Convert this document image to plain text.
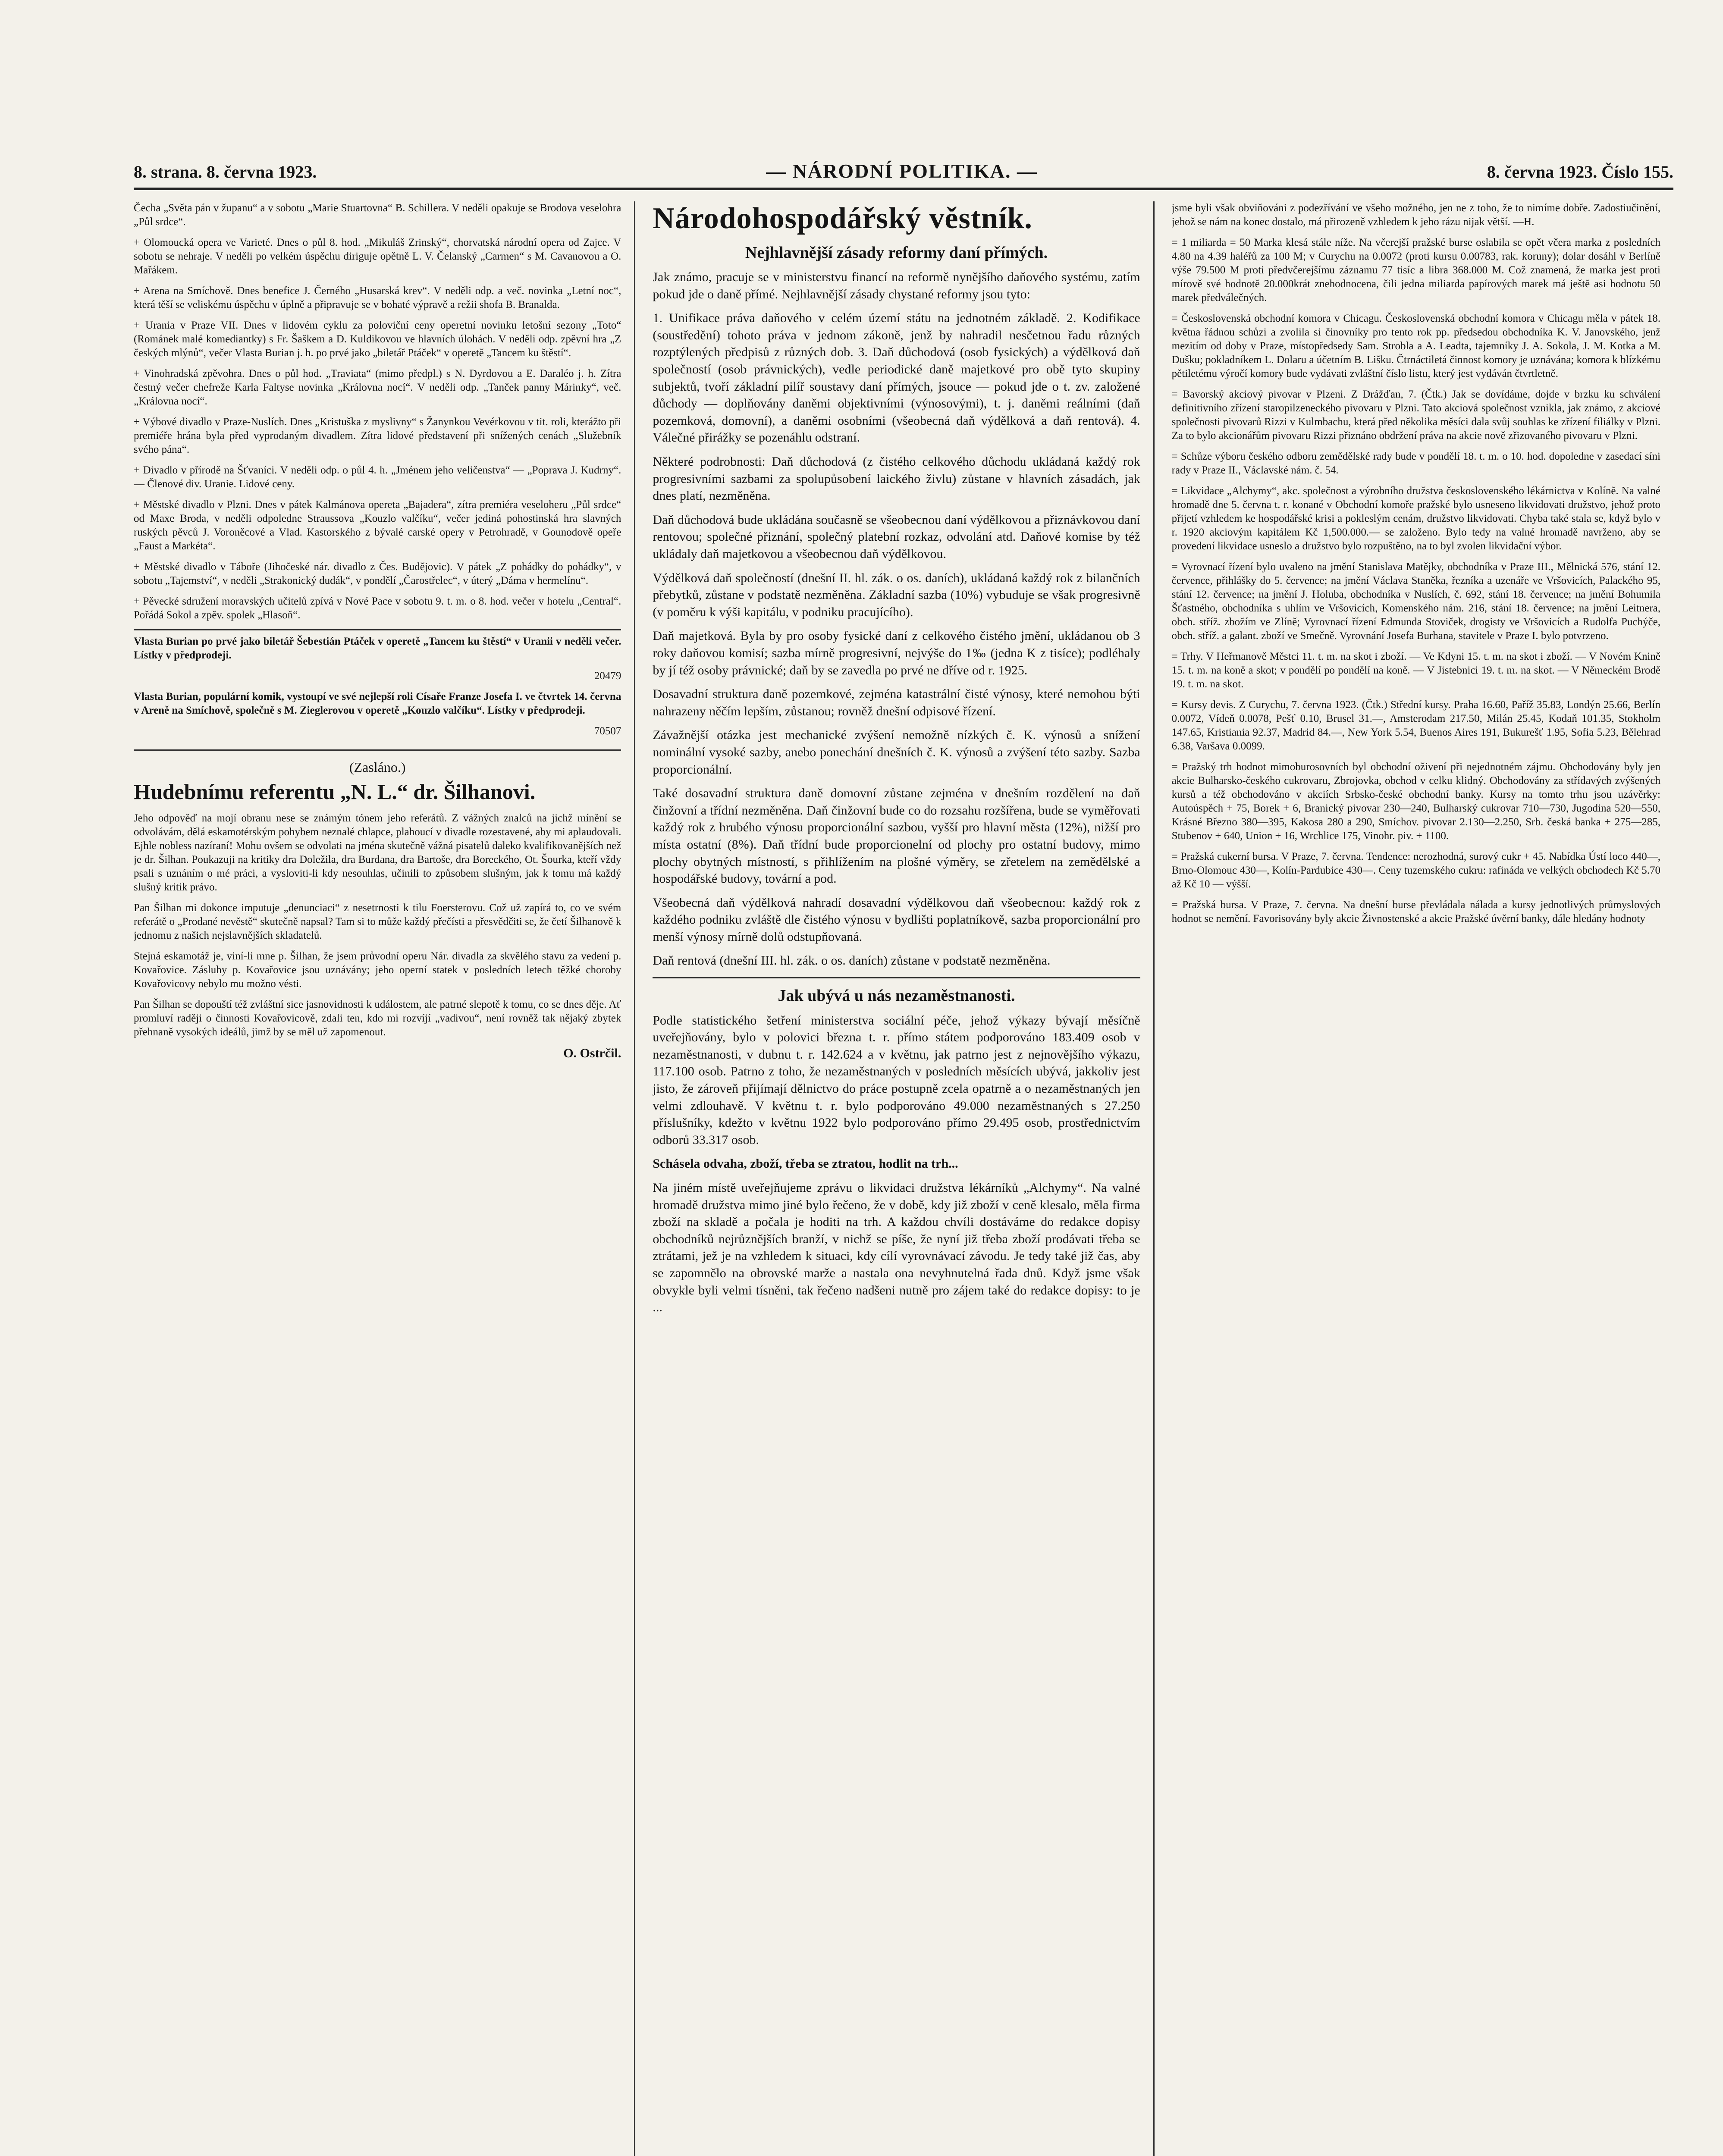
8. strana. 8. června 1923.	— NÁRODNÍ POLITIKA. —	8. června 1923. Číslo 155.

Čecha „Světa pán v županu“ a v sobotu „Marie Stuartovna“ B. Schillera. V neděli opakuje se Brodova veselohra „Půl srdce“.

+ Olomoucká opera ve Varieté. Dnes o půl 8. hod. „Mikuláš Zrinský“, chorvatská národní opera od Zajce. V sobotu se nehraje. V neděli po velkém úspěchu diriguje opětně L. V. Čelanský „Carmen“ s M. Cavanovou a O. Mařákem.

+ Arena na Smíchově. Dnes benefice J. Černého „Husarská krev“. V neděli odp. a več. novinka „Letní noc“, která těší se veliskému úspěchu v úplně a připravuje se v bohaté výpravě a režii shofa B. Branalda.

+ Urania v Praze VII. Dnes v lidovém cyklu za poloviční ceny operetní novinku letošní sezony „Toto“ (Románek malé komediantky) s Fr. Šaškem a D. Kuldikovou ve hlavních úlohách. V neděli odp. zpěvní hra „Z českých mlýnů“, večer Vlasta Burian j. h. po prvé jako „biletář Ptáček“ v operetě „Tancem ku štěstí“.

+ Vinohradská zpěvohra. Dnes o půl hod. „Traviata“ (mimo předpl.) s N. Dyrdovou a E. Daraléo j. h. Zítra čestný večer chefreže Karla Faltyse novinka „Královna nocí“. V neděli odp. „Tanček panny Márinky“, več. „Královna nocí“.

+ Výbové divadlo v Praze-Nuslích. Dnes „Kristuška z myslivny“ s Žanynkou Vevérkovou v tit. roli, kterážto při premiéře hrána byla před vyprodaným divadlem. Zítra lidové představení při snížených cenách „Služebník svého pána“.

+ Divadlo v přírodě na Šťvaníci. V neděli odp. o půl 4. h. „Jménem jeho veličenstva“ — „Poprava J. Kudrny“. — Členové div. Uranie. Lidové ceny.

+ Městské divadlo v Plzni. Dnes v pátek Kalmánova opereta „Bajadera“, zítra premiéra veseloheru „Půl srdce“ od Maxe Broda, v neděli odpoledne Straussova „Kouzlo valčíku“, večer jediná pohostinská hra slavných ruských pěvců J. Voroněcové a Vlad. Kastorského z bývalé carské opery v Petrohradě, v Gounodově opeře „Faust a Markéta“.

+ Městské divadlo v Táboře (Jihočeské nár. divadlo z Čes. Budějovic). V pátek „Z pohádky do pohádky“, v sobotu „Tajemství“, v neděli „Strakonický dudák“, v pondělí „Čarostřelec“, v úterý „Dáma v hermelínu“.

+ Pěvecké sdružení moravských učitelů zpívá v Nové Pace v sobotu 9. t. m. o 8. hod. večer v hotelu „Central“. Pořádá Sokol a zpěv. spolek „Hlasoň“.

Vlasta Burian po prvé jako biletář Šebestián Ptáček v operetě „Tancem ku štěstí“ v Uranii v neděli večer. Lístky v předprodeji.

20479

Vlasta Burian, populární komik, vystoupí ve své nejlepší roli Císaře Franze Josefa I. ve čtvrtek 14. června v Areně na Smíchově, společně s M. Zieglerovou v operetě „Kouzlo valčíku“. Lístky v předprodeji.

70507

(Zasláno.)
Hudebnímu referentu „N. L.“ dr. Šilhanovi.

Jeho odpověď na mojí obranu nese se známým tónem jeho referátů. Z vážných znalců na jichž mínění se odvolávám, dělá eskamotérským pohybem neznalé chlapce, plahoucí v divadle rozestavené, aby mi aplaudovali. Ejhle nobless nazíraní! Mohu ovšem se odvolati na jména skutečně vážná pisatelů daleko kvalifikovanějších než je dr. Šilhan. Poukazuji na kritiky dra Doležila, dra Burdana, dra Bartoše, dra Boreckého, Ot. Šourka, kteří vždy psali s uznáním o mé práci, a vysloviti-li kdy nesouhlas, učinili to způsobem slušným, jak k tomu má každý slušný kritik právo.

Pan Šilhan mi dokonce imputuje „denunciaci“ z nesetrnosti k tilu Foersterovu. Což už zapírá to, co ve svém referátě o „Prodané nevěstě“ skutečně napsal? Tam si to může každý přečísti a přesvědčiti se, že četí Šilhanově k jednomu z našich nejslavnějších skladatelů.

Stejná eskamotáž je, viní-li mne p. Šilhan, že jsem průvodní operu Nár. divadla za skvělého stavu za vedení p. Kovařovice. Zásluhy p. Kovařovice jsou uznávány; jeho operní statek v posledních letech těžké choroby Kovařovicovy nebylo mu možno vésti.

Pan Šilhan se dopouští též zvláštní sice jasnovidnosti k událostem, ale patrné slepotě k tomu, co se dnes děje. Ať promluví raději o činnosti Kovařovicově, zdali ten, kdo mi rozvíjí „vadivou“, není rovněž tak nějaký zbytek přehnaně vysokých ideálů, jimž by se měl už zapomenout.

O. Ostrčil.
Národohospodářský věstník.
Nejhlavnější zásady reformy daní přímých.

Jak známo, pracuje se v ministerstvu financí na reformě nynějšího daňového systému, zatím pokud jde o daně přímé. Nejhlavnější zásady chystané reformy jsou tyto:

1. Unifikace práva daňového v celém území státu na jednotném základě. 2. Kodifikace (soustředění) tohoto práva v jednom zákoně, jenž by nahradil nesčetnou řadu různých rozptýlených předpisů z různých dob. 3. Daň důchodová (osob fysických) a výdělková daň společností (osob právnických), vedle periodické daně majetkové pro obě tyto skupiny subjektů, tvoří základní pilíř soustavy daní přímých, jsouce — pokud jde o t. zv. založené důchody — doplňovány daněmi objektivními (výnosovými), t. j. daněmi reálními (daň pozemková, domovní), a daněmi osobními (všeobecná daň výdělková a daň rentová). 4. Válečné přirážky se pozenáhlu odstraní.

Některé podrobnosti: Daň důchodová (z čistého celkového důchodu ukládaná každý rok progresivními sazbami za spolupůsobení laického živlu) zůstane v hlavních zásadách, jak dnes platí, nezměněna.

Daň důchodová bude ukládána současně se všeobecnou daní výdělkovou a přiznávkovou daní rentovou; společné přiznání, společný platební rozkaz, odvolání atd. Daňové komise by též ukládaly daň majetkovou a všeobecnou daň výdělkovou.

Výdělková daň společností (dnešní II. hl. zák. o os. daních), ukládaná každý rok z bilančních přebytků, zůstane v podstatě nezměněna. Základní sazba (10%) vybuduje se však progresivně (v poměru k výši kapitálu, v podniku pracujícího).

Daň majetková. Byla by pro osoby fysické daní z celkového čistého jmění, ukládanou ob 3 roky daňovou komisí; sazba mírně progresivní, nejvýše do 1‰ (jedna K z tisíce); podléhaly by jí též osoby právnické; daň by se zavedla po prvé ne dříve od r. 1925.

Dosavadní struktura daně pozemkové, zejména katastrální čisté výnosy, které nemohou býti nahrazeny něčím lepším, zůstanou; rovněž dnešní odpisové řízení.

Závažnější otázka jest mechanické zvýšení nemožně nízkých č. K. výnosů a snížení nominální vysoké sazby, anebo ponechání dnešních č. K. výnosů a zvýšení této sazby. Sazba proporcionální.

Také dosavadní struktura daně domovní zůstane zejména v dnešním rozdělení na daň činžovní a třídní nezměněna. Daň činžovní bude co do rozsahu rozšířena, bude se vyměřovati každý rok z hrubého výnosu proporcionální sazbou, vyšší pro hlavní města (12%), nižší pro místa ostatní (8%). Daň třídní bude proporcionelní od plochy pro ostatní budovy, mimo plochy obytných místností, s přihlížením na plošné výměry, se zřetelem na zemědělské a hospodářské budovy, tovární a pod.

Všeobecná daň výdělková nahradí dosavadní výdělkovou daň všeobecnou: každý rok z každého podniku zvláště dle čistého výnosu v bydlišti poplatníkově, sazba proporcionální pro menší výnosy mírně dolů odstupňovaná.

Daň rentová (dnešní III. hl. zák. o os. daních) zůstane v podstatě nezměněna.

Jak ubývá u nás nezaměstnanosti.

Podle statistického šetření ministerstva sociální péče, jehož výkazy bývají měsíčně uveřejňovány, bylo v polovici března t. r. přímo státem podporováno 183.409 osob v nezaměstnanosti, v dubnu t. r. 142.624 a v květnu, jak patrno jest z nejnovějšího výkazu, 117.100 osob. Patrno z toho, že nezaměstnaných v posledních měsících ubývá, jakkoliv jest jisto, že zároveň přijímají dělnictvo do práce postupně zcela opatrně a o nezaměstnaných jen velmi zdlouhavě. V květnu t. r. bylo podporováno 49.000 nezaměstnaných s 27.250 příslušníky, kdežto v květnu 1922 bylo podporováno přímo 29.495 osob, prostřednictvím odborů 33.317 osob.

Schásela odvaha, zboží, třeba se ztratou, hodlit na trh...

Na jiném místě uveřejňujeme zprávu o likvidaci družstva lékárníků „Alchymy“. Na valné hromadě družstva mimo jiné bylo řečeno, že v době, kdy již zboží v ceně klesalo, měla firma zboží na skladě a počala je hoditi na trh. A každou chvíli dostáváme do redakce dopisy obchodníků nejrůznějších branží, v nichž se píše, že nyní již třeba zboží prodávati třeba se ztrátami, jež je na vzhledem k situaci, kdy cílí vyrovnávací závodu. Je tedy také již čas, aby se zapomnělo na obrovské marže a nastala ona nevyhnutelná řada dnů. Když jsme však obvykle byli velmi tísněni, tak řečeno nadšeni nutně pro zájem také do redakce dopisy: to je ...

jsme byli však obviňováni z podezřívání ve všeho možného, jen ne z toho, že to nimíme dobře. Zadostiučinění, jehož se nám na konec dostalo, má přirozeně vzhledem k jeho rázu nijak větší. —H.

= 1 miliarda = 50 Marka klesá stále níže. Na včerejší pražské burse oslabila se opět včera marka z posledních 4.80 na 4.39 haléřů za 100 M; v Curychu na 0.0072 (proti kursu 0.00783, rak. koruny); dolar dosáhl v Berlíně výše 79.500 M proti předvčerejšímu záznamu 77 tisíc a libra 368.000 M. Což znamená, že marka jest proti mírově své hodnotě 20.000krát znehodnocena, čili jedna miliarda papírových marek má ještě asi hodnotu 50 marek předválečných.

= Československá obchodní komora v Chicagu. Československá obchodní komora v Chicagu měla v pátek 18. května řádnou schůzi a zvolila si činovníky pro tento rok pp. předsedou obchodníka K. V. Janovského, jenž mezitím od doby v Praze, místopředsedy Sam. Strobla a A. Leadta, tajemníky J. A. Sokola, J. M. Kotka a M. Dušku; pokladníkem L. Dolaru a účetním B. Lišku. Čtrnáctiletá činnost komory je uznávána; komora k blízkému pětiletému výročí komory bude vydávati zvláštní číslo listu, který jest vydáván čtvrtletně.

= Bavorský akciový pivovar v Plzeni. Z Drážďan, 7. (Čtk.) Jak se dovídáme, dojde v brzku ku schválení definitivního zřízení staropilzeneckého pivovaru v Plzni. Tato akciová společnost vznikla, jak známo, z akciové společnosti pivovarů Rizzi v Kulmbachu, která před několika měsíci dala svůj souhlas ke zřízení filiálky v Plzni. Za to bylo akcionářům pivovaru Rizzi přiznáno obdržení práva na akcie nově zřizovaného pivovaru v Plzni.

= Schůze výboru českého odboru zemědělské rady bude v pondělí 18. t. m. o 10. hod. dopoledne v zasedací síni rady v Praze II., Václavské nám. č. 54.

= Likvidace „Alchymy“, akc. společnost a výrobního družstva československého lékárnictva v Kolíně. Na valné hromadě dne 5. června t. r. konané v Obchodní komoře pražské bylo usneseno likvidovati družstvo, jehož proto přijetí vzhledem ke hospodářské krisi a pokleslým cenám, družstvo likvidovati. Chyba také stala se, když bylo v r. 1920 akciovým kapitálem Kč 1,500.000.— se založeno. Bylo tedy na valné hromadě navrženo, aby se provedení likvidace usneslo a družstvo bylo rozpuštěno, na to byl zvolen likvidační výbor.

= Vyrovnací řízení bylo uvaleno na jmění Stanislava Matějky, obchodníka v Praze III., Mělnická 576, stání 12. července, přihlášky do 5. července; na jmění Václava Staněka, řezníka a uzenáře ve Vršovicích, Palackého 95, stání 12. července; na jmění J. Holuba, obchodníka v Nuslích, č. 692, stání 18. července; na jmění Bohumila Šťastného, obchodníka s uhlím ve Vršovicích, Komenského nám. 216, stání 18. července; na jmění Leitnera, obch. stříž. zbožím ve Zlíně; Vyrovnací řízení Edmunda Stoviček, drogisty ve Vršovicích a Rudolfa Puchýče, obch. stříž. a galant. zboží ve Smečně. Vyrovnání Josefa Burhana, stavitele v Praze I. bylo potvrzeno.

= Trhy. V Heřmanově Městci 11. t. m. na skot i zboží. — Ve Kdyni 15. t. m. na skot i zboží. — V Novém Knině 15. t. m. na koně a skot; v pondělí po pondělí na koně. — V Jistebnici 19. t. m. na skot. — V Německém Brodě 19. t. m. na skot.

= Kursy devis. Z Curychu, 7. června 1923. (Čtk.) Střední kursy. Praha 16.60, Paříž 35.83, Londýn 25.66, Berlín 0.0072, Vídeň 0.0078, Pešť 0.10, Brusel 31.—, Amsterodam 217.50, Milán 25.45, Kodaň 101.35, Stokholm 147.65, Kristiania 92.37, Madrid 84.—, New York 5.54, Buenos Aires 191, Bukurešť 1.95, Sofia 5.23, Bělehrad 6.38, Varšava 0.0099.

= Pražský trh hodnot mimoburosovních byl obchodní oživení při nejednotném zájmu. Obchodovány byly jen akcie Bulharsko-českého cukrovaru, Zbrojovka, obchod v celku klidný. Obchodovány za střídavých zvýšených kursů a též obchodováno v akciích Srbsko-české obchodní banky. Kursy na tomto trhu jsou uzávěrky: Autoúspěch + 75, Borek + 6, Branický pivovar 230—240, Bulharský cukrovar 710—730, Jugodina 520—550, Krásné Březno 380—395, Kakosa 280 a 290, Smíchov. pivovar 2.130—2.250, Srb. česká banka + 275—285, Stubenov + 640, Union + 16, Wrchlice 175, Vinohr. piv. + 1100.

= Pražská cukerní bursa. V Praze, 7. června. Tendence: nerozhodná, surový cukr + 45. Nabídka Ústí loco 440—, Brno-Olomouc 430—, Kolín-Pardubice 430—. Ceny tuzemského cukru: rafináda ve velkých obchodech Kč 5.70 až Kč 10 — výšší.

= Pražská bursa. V Praze, 7. června. Na dnešní burse převládala nálada a kursy jednotlivých průmyslových hodnot se nemění. Favorisovány byly akcie Živnostenské a akcie Pražské úvěrní banky, dále hledány hodnoty
